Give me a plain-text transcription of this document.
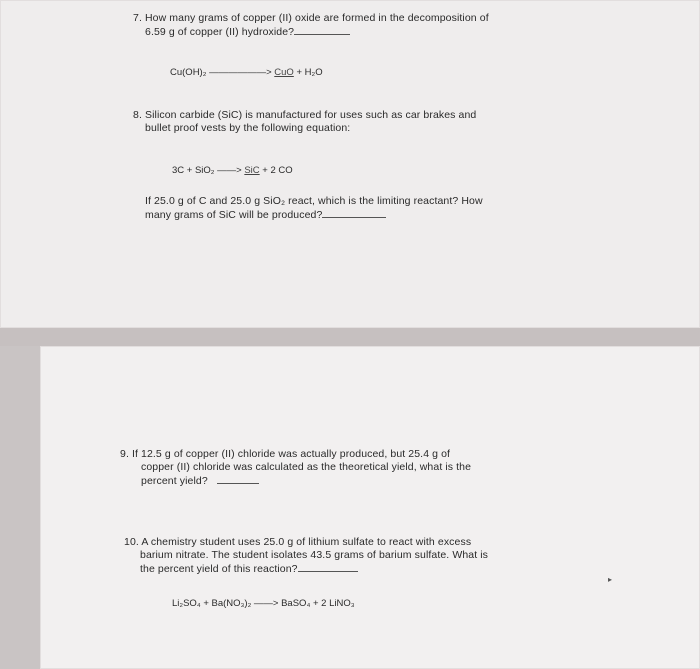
7. How many grams of copper (II) oxide are formed in the decomposition of
6.59 g of copper (II) hydroxide?
Cu(OH)₂ ——————> CuO + H₂O
8. Silicon carbide (SiC) is manufactured for uses such as car brakes and
bullet proof vests by the following equation:
3C + SiO₂ ——> SiC + 2 CO
If 25.0 g of C and 25.0 g SiO₂ react, which is the limiting reactant? How
many grams of SiC will be produced?
9. If 12.5 g of copper (II) chloride was actually produced, but 25.4 g of
copper (II) chloride was calculated as the theoretical yield, what is the
percent yield?
10. A chemistry student uses 25.0 g of lithium sulfate to react with excess
barium nitrate. The student isolates 43.5 grams of barium sulfate. What is
the percent yield of this reaction?
Li₂SO₄ + Ba(NO₃)₂ ——> BaSO₄ + 2 LiNO₃
▸
